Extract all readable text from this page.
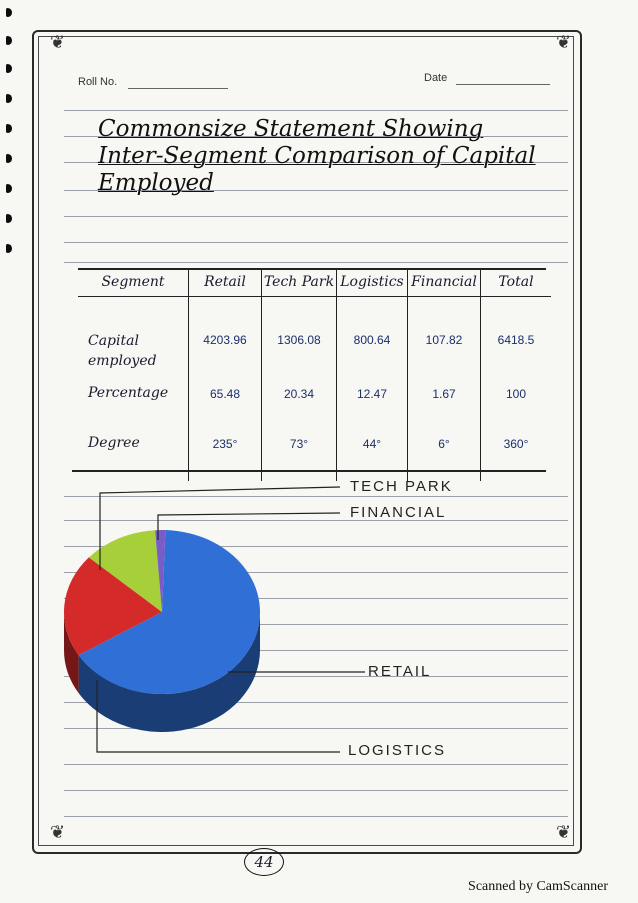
❦	❦
❦	❦
Roll No.	Date
Commonsize Statement Showing Inter-Segment Comparison of Capital Employed
Segment	Retail	Tech Park	Logistics	Financial	Total
Capital employed	4203.96	1306.08	800.64	107.82	6418.5
Percentage	65.48	20.34	12.47	1.67	100
Degree	235°	73°	44°	6°	360°
TECH PARK
FINANCIAL
RETAIL
LOGISTICS
44
Scanned by CamScanner
